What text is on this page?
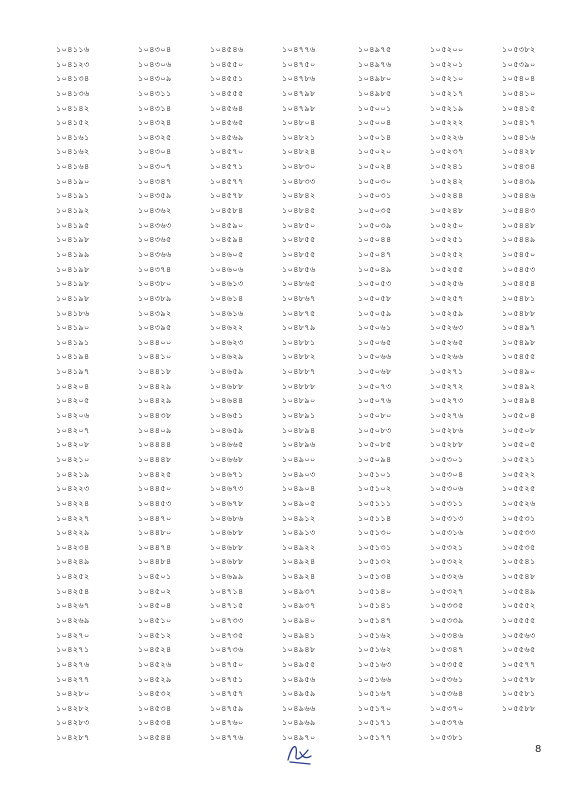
১০৪১১৬
১০৪১২৩
১০৪১৩৪
১০৪১৩৬
১০৪১৪২
১০৪১৫২
১০৪১৬১
১০৪১৬২
১০৪১৬৪
১০৪১৯০
১০৪১৯১
১০৪১৯২
১০৪১৯৫
১০৪১৯৮
১০৪১৯৯
১০৪১৯৮
১০৪১৯৮
১০৪১৯৮
১০৪১৮৬
১০৪১৯০
১০৪১৯১
১০৪১৯৪
১০৪১৯৭
১০৪২০৪
১০৪২০৫
১০৪২০৬
১০৪২০৭
১০৪২০৮
১০৪২১০
১০৪২১৯
১০৪২২৩
১০৪২২৪
১০৪২২৭
১০৪২২৯
১০৪২৩৪
১০৪২৪৯
১০৪২৫২
১০৪২৫৪
১০৪২৬৭
১০৪২৬৯
১০৪২৭০
১০৪২৭১
১০৪২৭৬
১০৪২৭৭
১০৪২৮০
১০৪২৮২
১০৪২৮৩
১০৪২৮৭
১০৪৩০৪
১০৪৩০৬
১০৪৩০৯
১০৪৩১১
১০৪৩১৪
১০৪৩২৪
১০৪৩২৫
১০৪৩০৪
১০৪৩০৭
১০৪৩৪৭
১০৪৩৫৯
১০৪৩৬২
১০৪৩৬৩
১০৪৩৬৫
১০৪৩৬৬
১০৪৩৭৪
১০৪৩৮০
১০৪৩৮৯
১০৪৩৯২
১০৪৩৯৫
১০৪৪০০
১০৪৪১০
১০৪৪১৮
১০৪৪২৯
১০৪৪২৯
১০৪৪৩৮
১০৪৪০৯
১০৪৪৪৪
১০৪৪৪৮
১০৪৪২৫
১০৪৪৫০
১০৪৪৫৩
১০৪৪৭০
১০৪৪৮০
১০৪৪৭৪
১০৪৪৮৪
১০৪৫০১
১০৪৫০২
১০৪৫০৪
১০৪৫১০
১০৪৫১২
১০৪৫২৪
১০৪৫২৬
১০৪৫২৯
১০৪৫৩২
১০৪৫৩৪
১০৪৫৩৪
১০৪৫৪৪
১০৪৫৪৬
১০৪৫৫০
১০৪৫৫১
১০৪৫৫৫
১০৪৫৬৪
১০৪৫৬৫
১০৪৫৬৯
১০৪৫৭০
১০৪৫৭১
১০৪৫৭৭
১০৪৫৭৮
১০৪৫৮৪
১০৪৫৯০
১০৪৫৯৪
১০৪৬০৫
১০৪৬০৬
১০৪৬১৩
১০৪৬১৪
১০৪৬১৬
১০৪৬২২
১০৪৬২৩
১০৪৬২৯
১০৪৬৫৯
১০৪৬৮৮
১০৪৬৪৪
১০৪৬৫১
১০৪৬৫৯
১০৪৬৬৫
১০৪৬৬৮
১০৪৬৭১
১০৪৬৭৩
১০৪৬৭৮
১০৪৬৮৬
১০৪৬৮৮
১০৪৬৮৮
১০৪৬৮৮
১০৪৬৯৯
১০৪৭১৪
১০৪৭১৫
১০৪৭৩৩
১০৪৭৩৫
১০৪৭৩৬
১০৪৭৫০
১০৪৭৫১
১০৪৭৫৭
১০৪৭৫৯
১০৪৭৬০
১০৪৭৭৬
১০৪৭৭৬
১০৪৭৫০
১০৪৭৮৬
১০৪৭৯৮
১০৪৭৯৮
১০৪৮০৪
১০৪৮২১
১০৪৮২৪
১০৪৮৩০
১০৪৮৩৩
১০৪৮৪২
১০৪৮৪৫
১০৪৮৫০
১০৪৮৫৫
১০৪৮৫৫
১০৪৮৫৬
১০৪৮৬৫
১০৪৮৬৭
১০৪৮৭৫
১০৪৮৭৯
১০৪৮৮১
১০৪৮৮২
১০৪৮৮৭
১০৪৮৮৮
১০৪৮৯০
১০৪৮৯১
১০৪৮৯৪
১০৪৮৯৬
১০৪৯০০
১০৪৯০৩
১০৪৯০৪
১০৪৯০৫
১০৪৯১২
১০৪৯১৩
১০৪৯২২
১০৪৯২৪
১০৪৯২৪
১০৪৯৩৭
১০৪৯৩৭
১০৪৯৪০
১০৪৯৪১
১০৪৯৪৮
১০৪৯৫৫
১০৪৯৫৬
১০৪৯৫৯
১০৪৯৬৬
১০৪৯৬৯
১০৪৯৭০
১০৪৯৭৫
১০৪৯৭৬
১০৪৯৮০
১০৪৯৮৫
১০৫০০১
১০৫০০৪
১০৫০১৪
১০৫০২০
১০৫০২৪
১০৫০৩০
১০৫০৩১
১০৫০৩৫
১০৫০৩৯
১০৫০৪৪
১০৫০৪৭
১০৫০৪৯
১০৫০৫৩
১০৫০৫৮
১০৫০৫৯
১০৫০৬১
১০৫০৬৫
১০৫০৬৬
১০৫০৬৮
১০৫০৭৩
১০৫০৭৬
১০৫০৮০
১০৫০৮৩
১০৫০৮৫
১০৫০৯৪
১০৫১০১
১০৫১০২
১০৫১১১
১০৫১১৪
১০৫১৩০
১০৫১৩১
১০৫১৩২
১০৫১৩৪
১০৫১৪০
১০৫১৪১
১০৫১৪৭
১০৫১৬২
১০৫১৬২
১০৫১৬৩
১০৫১৬৬
১০৫১৬৭
১০৫১৭০
১০৫১৭১
১০৫১৭৭
১০৫২০০
১০৫২০১
১০৫২১০
১০৫২১৭
১০৫২১৯
১০৫২২২
১০৫২২৬
১০৫২৩৭
১০৫২৪১
১০৫২৪২
১০৫২৪৪
১০৫২৪৮
১০৫২৫০
১০৫২৫১
১০৫২৫২
১০৫২৫৫
১০৫২৫৬
১০৫২৫৭
১০৫২৫৯
১০৫২৬৩
১০৫২৬৫
১০৫২৬৬
১০৫২৭১
১০৫২৭২
১০৫২৭৩
১০৫২৭৬
১০৫২৮৬
১০৫২৮৮
১০৫৩০১
১০৫৩০৪
১০৫৩০৬
১০৫৩১১
১০৫৩১৩
১০৫৩১৬
১০৫৩২১
১০৫৩২২
১০৫৩২৬
১০৫৩২৭
১০৫৩৩৫
১০৫৩৩৯
১০৫৩৪৬
১০৫৩৪৭
১০৫৩৫৫
১০৫৩৬১
১০৫৩৬৪
১০৫৩৭০
১০৫৩৭৬
১০৫৩৮১
১০৫৩৮২
১০৫৩৯০
১০৫৪০৪
১০৫৪১০
১০৫৪১৫
১০৫৪১৭
১০৫৪১৬
১০৫৪২৮
১০৫৪৩৪
১০৫৪৩৯
১০৫৪৪৬
১০৫৪৪৩
১০৫৪৪৮
১০৫৪৪৯
১০৫৪৫০
১০৫৪৫৩
১০৫৪৫৪
১০৫৪৮১
১০৫৪৮৮
১০৫৪৯৭
১০৫৪৯৮
১০৫৪৫৫
১০৫৪৯০
১০৫৪৯২
১০৫৪৯৪
১০৫৫০৪
১০৫৫০৮
১০৫৫০৫
১০৫৫২১
১০৫৫২২
১০৫৫২৫
১০৫৫২৬
১০৫৫৩১
১০৫৫৩৩
১০৫৫৩৫
১০৫৫৪১
১০৫৫৪৮
১০৫৫৪৯
১০৫৫৫২
১০৫৫৫৫
১০৫৫৬৩
১০৫৫৬৫
১০৫৫৭৭
১০৫৫৭৮
১০৫৫৮১
১০৫৫৮৮
8
